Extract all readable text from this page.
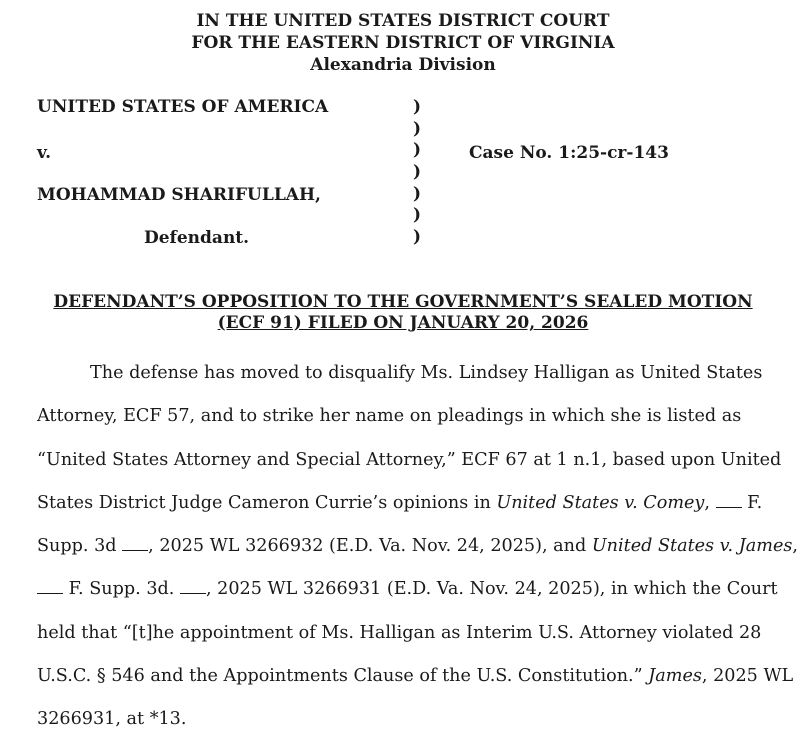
IN THE UNITED STATES DISTRICT COURT
FOR THE EASTERN DISTRICT OF VIRGINIA
Alexandria Division
UNITED STATES OF AMERICA
v.
MOHAMMAD SHARIFULLAH,
Defendant.
)
)
)
)
)
)
)
Case No. 1:25-cr-143
DEFENDANT’S OPPOSITION TO THE GOVERNMENT’S SEALED MOTION
(ECF 91) FILED ON JANUARY 20, 2026
The defense has moved to disqualify Ms. Lindsey Halligan as United States
Attorney, ECF 57, and to strike her name on pleadings in which she is listed as
“United States Attorney and Special Attorney,” ECF 67 at 1 n.1, based upon United
States District Judge Cameron Currie’s opinions in United States v. Comey, F.
Supp. 3d , 2025 WL 3266932 (E.D. Va. Nov. 24, 2025), and United States v. James,
F. Supp. 3d. , 2025 WL 3266931 (E.D. Va. Nov. 24, 2025), in which the Court
held that “[t]he appointment of Ms. Halligan as Interim U.S. Attorney violated 28
U.S.C. § 546 and the Appointments Clause of the U.S. Constitution.” James, 2025 WL
3266931, at *13.
